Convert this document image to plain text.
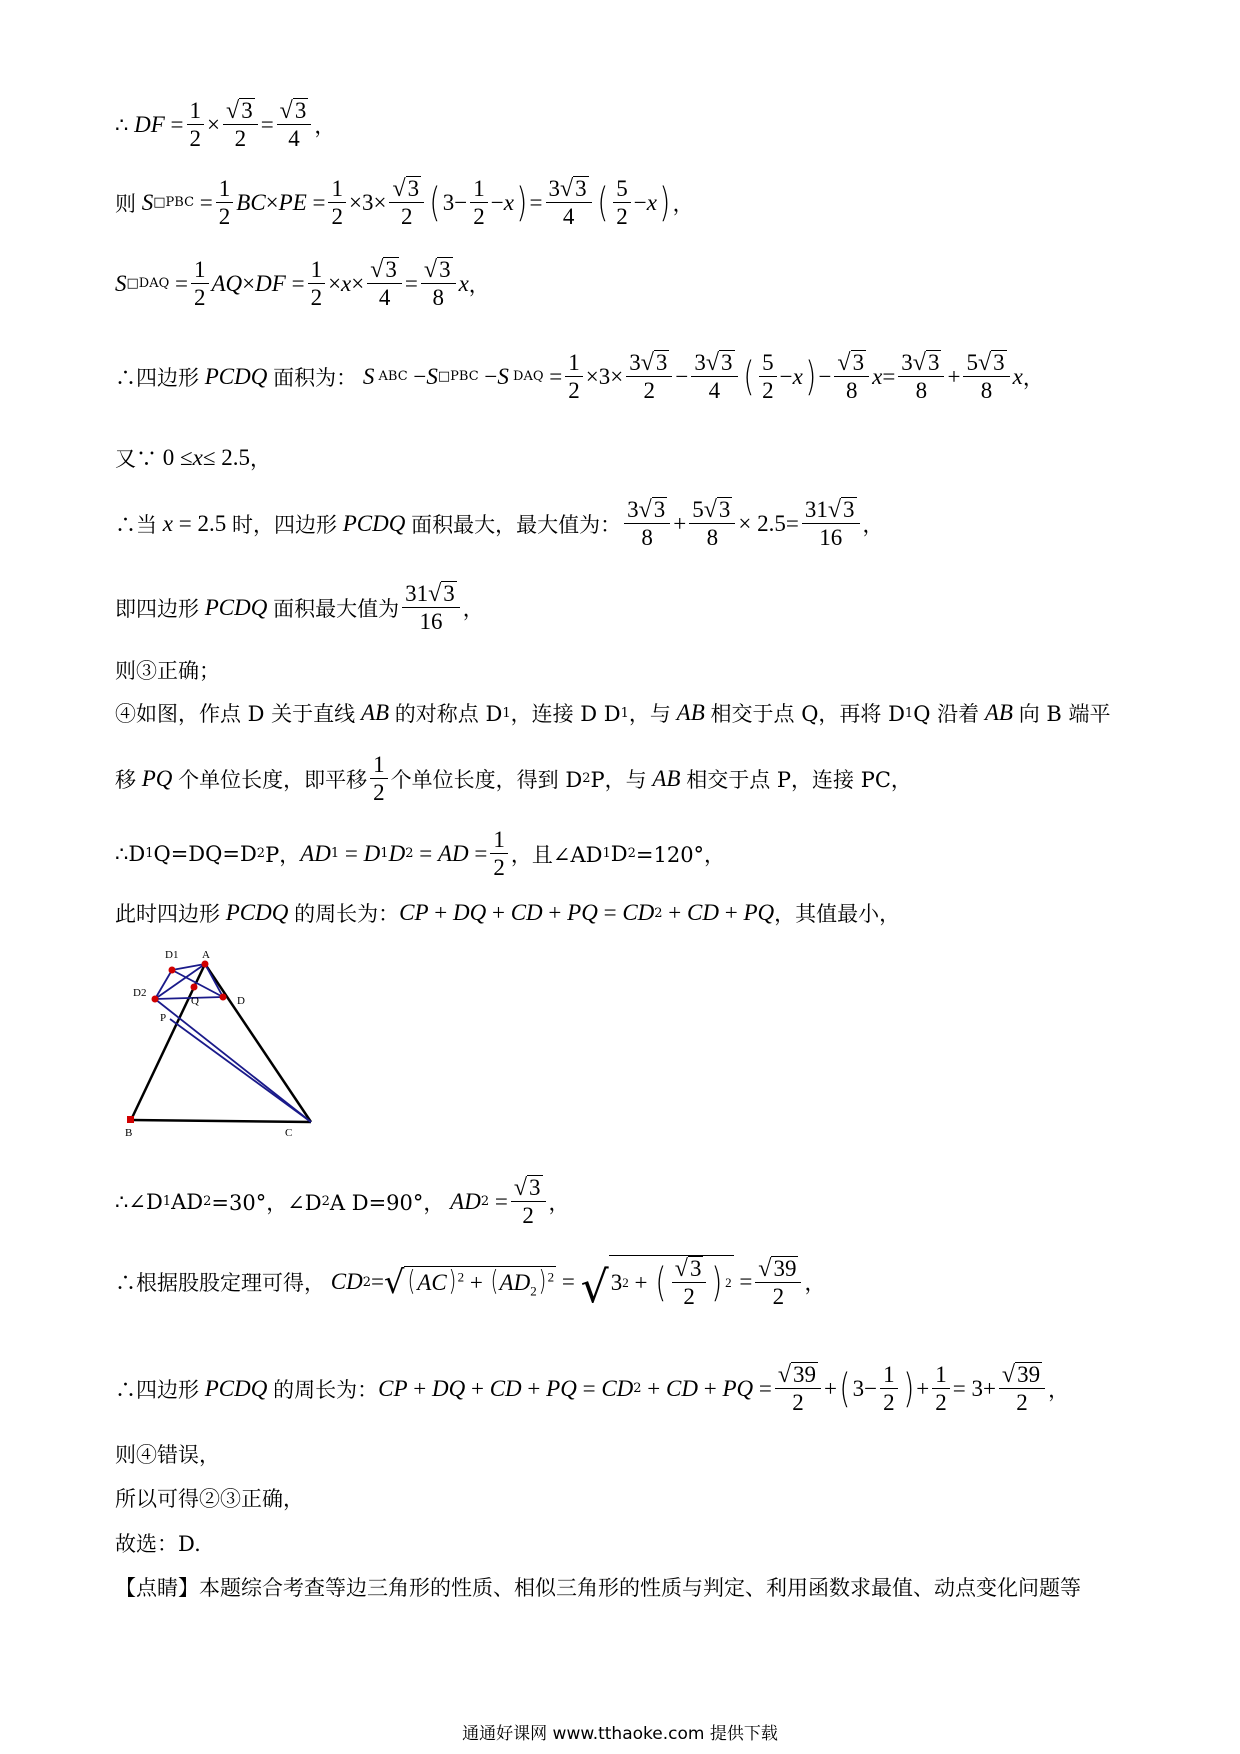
∴ DF = $\frac{1}{2} \times \frac{√ 3}{2} = \frac{√ 3}{4}$ ，
则 S □PBC = $\frac{1}{2}$ BC × PE = $\frac{1}{2} \times 3\times \frac{√ 3}{2}$ ( $3- \frac{1}{2} - x$ ) = $\frac{3 √ 3}{4}$ ( $\frac{5}{2} - x$ ) ，
S □DAQ = $\frac{1}{2}$ AQ × DF = $\frac{1}{2} \times x \times \frac{√ 3}{4} = \frac{√ 3}{8}$ x ，
∴四边形 PCDQ 面积为： S ABC − S □PBC − S DAQ = $\frac{1}{2} \times 3\times \frac{3 √ 3}{2} - \frac{3 √ 3}{4}$ ( $\frac{5}{2} - x$ ) − $\frac{√ 3}{8}$ $x = \frac{3 √ 3}{8} + \frac{5 √ 3}{8}$ x ，
又∵ 0 ≤ x ≤ 2.5 ，
∴当 x = 2.5 时，四边形 PCDQ 面积最大，最大值为： $\frac{3 √ 3}{8} + \frac{5 √ 3}{8} \times 2.5= \frac{31 √ 3}{16}$ ，
即四边形 PCDQ 面积最大值为 $\frac{31 √ 3}{16}$ ，
则③正确；
④如图，作点 D 关于直线 AB 的对称点 D 1 ，连接 D D 1 ，与 AB 相交于点 Q，再将 D 1 Q 沿着 AB 向 B 端平
移 PQ 个单位长度，即平移 $\frac{1}{2}$ 个单位长度，得到 D 2 P，与 AB 相交于点 P，连接 PC，
∴D 1 Q=DQ=D 2 P， AD 1 = D 1 D 2 = AD = $\frac{1}{2}$ ，且∠AD 1 D 2 =120°，
此时四边形 PCDQ 的周长为： CP + DQ + CD + PQ = CD 2 + CD + PQ ，其值最小，
D1 A
D2
Q	D
P
B	C
∴∠D 1 AD 2 =30°，∠D 2 A D=90°， AD $2 = \frac{√ 3}{2}$ ，
∴根据股股定理可得， CD 2 = √ (AC) $^2 + (AD_2) ^2$ = √ 3 2 + ( $\frac{√ 3}{2}$ ) $2 = \frac{√ 39}{2}$ ，
∴四边形 PCDQ 的周长为： CP + DQ + CD + PQ = CD 2 + CD + PQ = $\frac{√ 39}{2}$ + ( $3- \frac{1}{2}$ ) + $\frac{1}{2} = 3+ \frac{√ 39}{2}$ ，
则④错误，
所以可得②③正确，
故选：D.
【点睛】本题综合考查等边三角形的性质、相似三角形的性质与判定、利用函数求最值、动点变化问题等
通通好课网 www.tthaoke.com 提供下载
